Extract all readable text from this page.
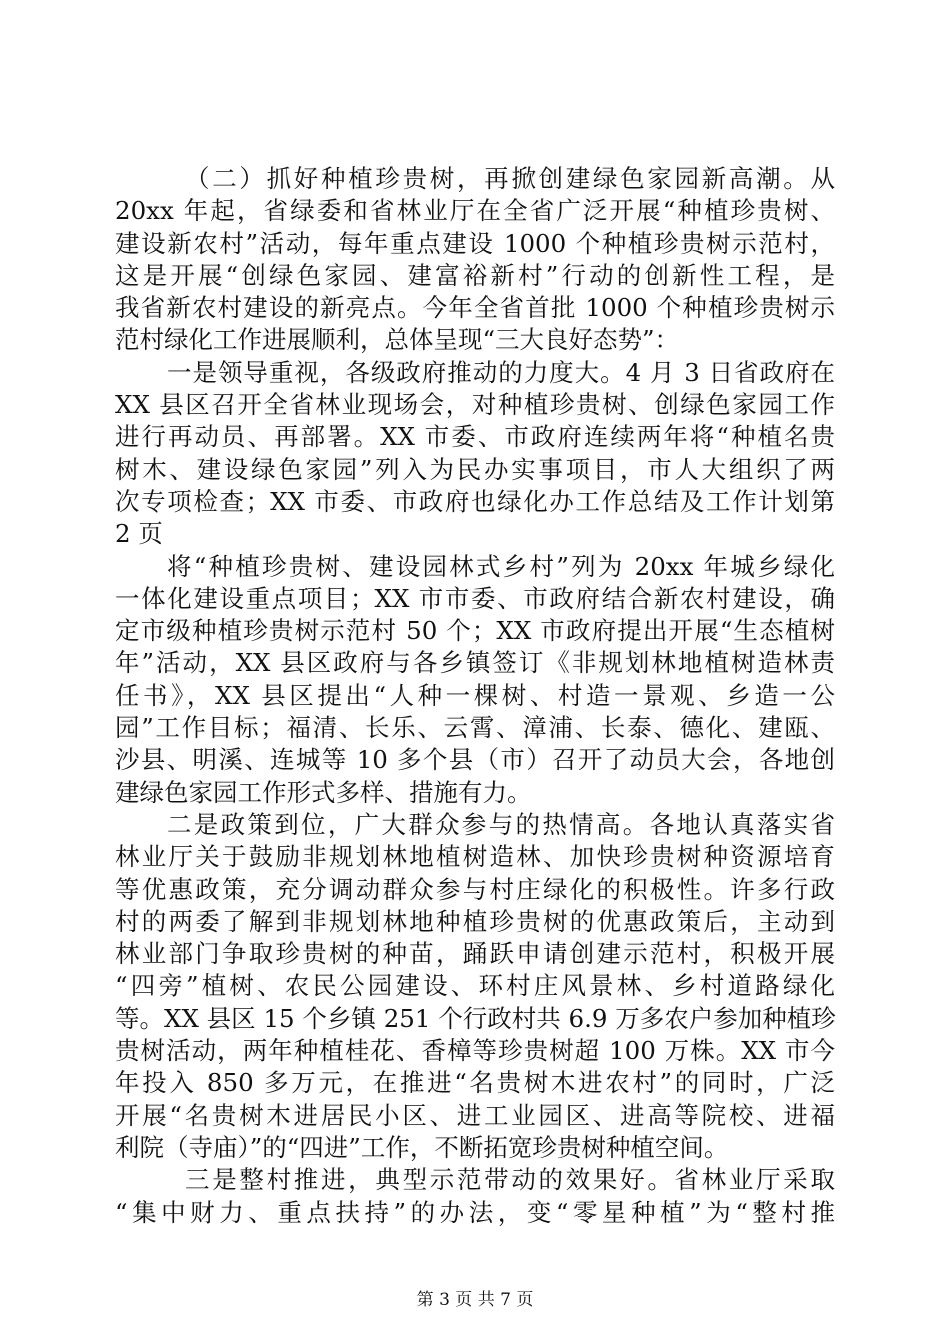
（二）抓好种植珍贵树，再掀创建绿色家园新高潮。从
20xx 年起，省绿委和省林业厅在全省广泛开展“种植珍贵树、
建设新农村”活动，每年重点建设 1000 个种植珍贵树示范村，
这是开展“创绿色家园、建富裕新村”行动的创新性工程，是
我省新农村建设的新亮点。今年全省首批 1000 个种植珍贵树示
范村绿化工作进展顺利，总体呈现“三大良好态势”：
一是领导重视，各级政府推动的力度大。4 月 3 日省政府在
XX 县区召开全省林业现场会，对种植珍贵树、创绿色家园工作
进行再动员、再部署。XX 市委、市政府连续两年将“种植名贵
树木、建设绿色家园”列入为民办实事项目，市人大组织了两
次专项检查；XX 市委、市政府也绿化办工作总结及工作计划第
2 页
将“种植珍贵树、建设园林式乡村”列为 20xx 年城乡绿化
一体化建设重点项目；XX 市市委、市政府结合新农村建设，确
定市级种植珍贵树示范村 50 个；XX 市政府提出开展“生态植树
年”活动，XX 县区政府与各乡镇签订《非规划林地植树造林责
任书》，XX 县区提出“人种一棵树、村造一景观、乡造一公
园”工作目标；福清、长乐、云霄、漳浦、长泰、德化、建瓯、
沙县、明溪、连城等 10 多个县（市）召开了动员大会，各地创
建绿色家园工作形式多样、措施有力。
二是政策到位，广大群众参与的热情高。各地认真落实省
林业厅关于鼓励非规划林地植树造林、加快珍贵树种资源培育
等优惠政策，充分调动群众参与村庄绿化的积极性。许多行政
村的两委了解到非规划林地种植珍贵树的优惠政策后，主动到
林业部门争取珍贵树的种苗，踊跃申请创建示范村，积极开展
“四旁”植树、农民公园建设、环村庄风景林、乡村道路绿化
等。XX 县区 15 个乡镇 251 个行政村共 6.9 万多农户参加种植珍
贵树活动，两年种植桂花、香樟等珍贵树超 100 万株。XX 市今
年投入 850 多万元，在推进“名贵树木进农村”的同时，广泛
开展“名贵树木进居民小区、进工业园区、进高等院校、进福
利院（寺庙）”的“四进”工作，不断拓宽珍贵树种植空间。
三是整村推进，典型示范带动的效果好。省林业厅采取
“集中财力、重点扶持”的办法，变“零星种植”为“整村推
第 3 页 共 7 页
